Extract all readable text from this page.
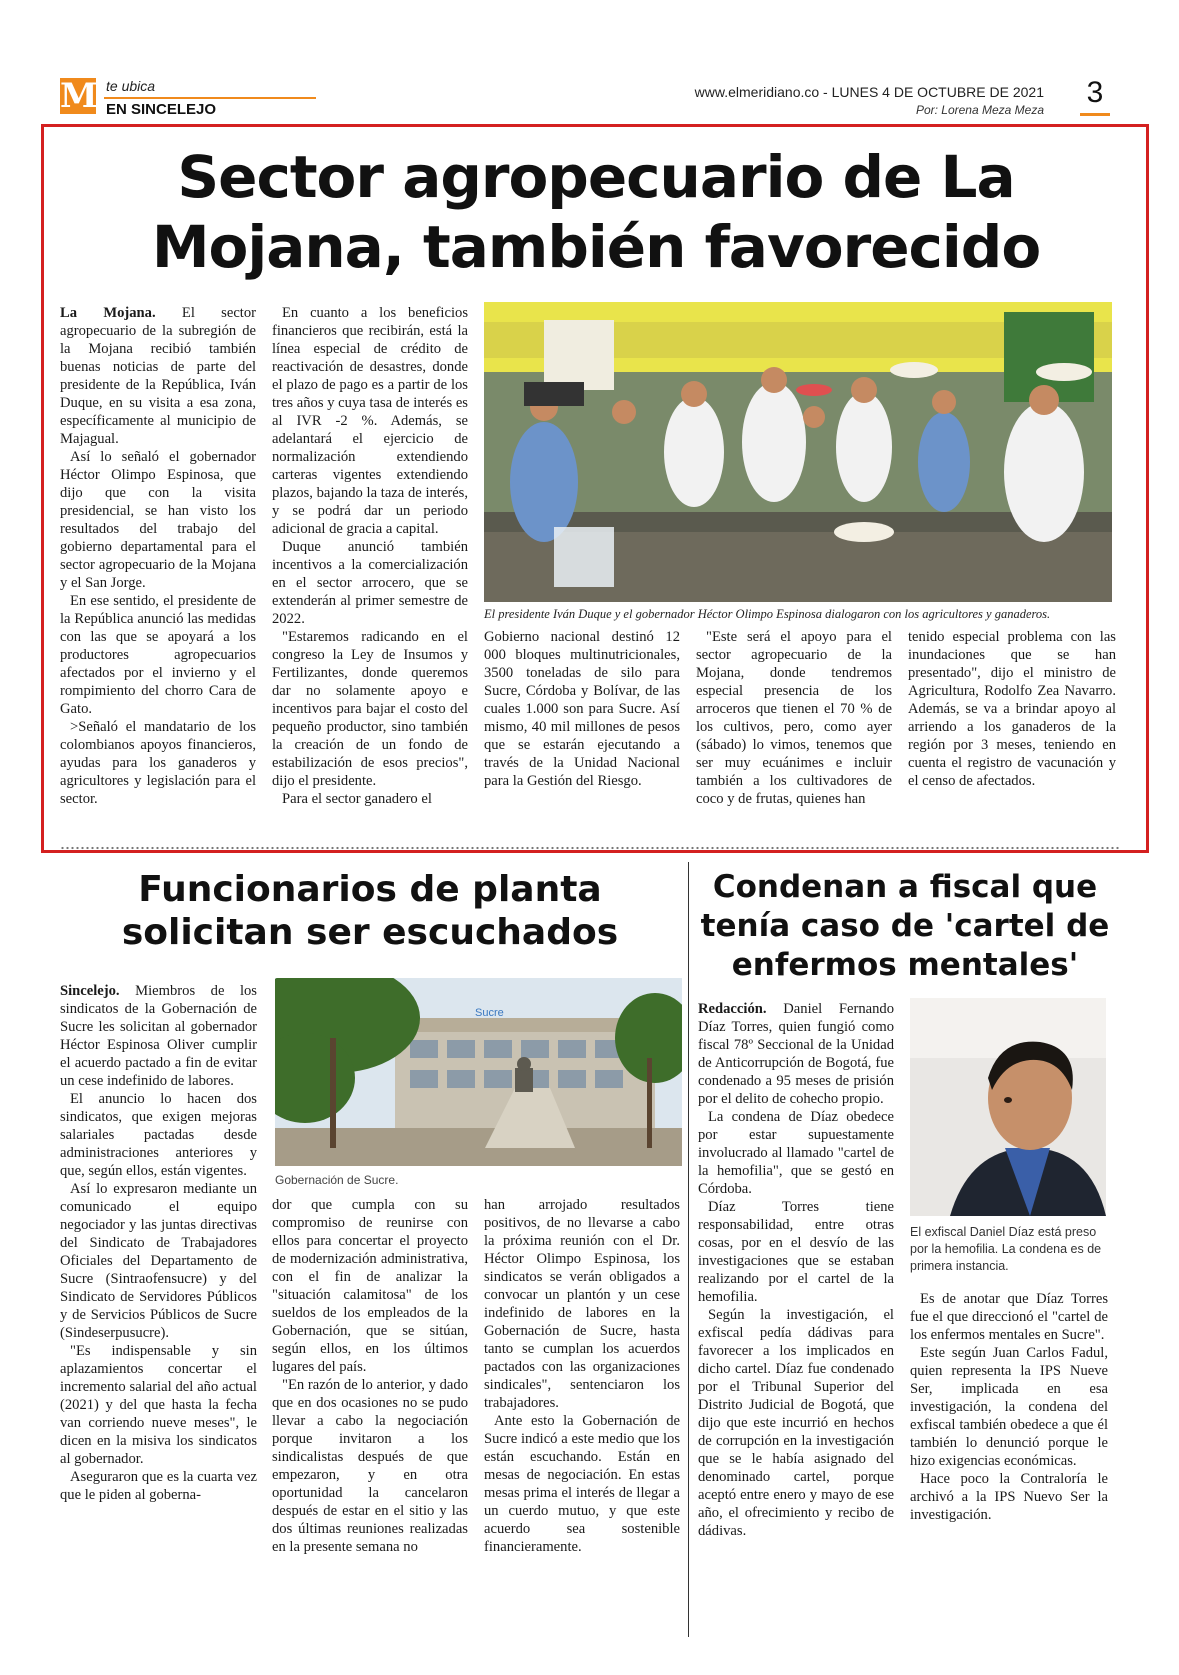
M te ubica
EN SINCELEJO
www.elmeridiano.co - LUNES 4 DE OCTUBRE DE 2021
Por: Lorena Meza Meza
3
Sector agropecuario de La Mojana, también favorecido

La Mojana. El sector agropecuario de la subregión de la Mojana recibió también buenas noticias de parte del presidente de la República, Iván Duque, en su visita a esa zona, específicamente al municipio de Majagual.

Así lo señaló el gobernador Héctor Olimpo Espinosa, que dijo que con la visita presidencial, se han visto los resultados del trabajo del gobierno departamental para el sector agropecuario de la Mojana y el San Jorge.

En ese sentido, el presidente de la República anunció las medidas con las que se apoyará a los productores agropecuarios afectados por el invierno y el rompimiento del chorro Cara de Gato.

>Señaló el mandatario de los colombianos apoyos financieros, ayudas para los ganaderos y agricultores y legislación para el sector.

En cuanto a los beneficios financieros que recibirán, está la línea especial de crédito de reactivación de desastres, donde el plazo de pago es a partir de los tres años y cuya tasa de interés es al IVR -2 %. Además, se adelantará el ejercicio de normalización extendiendo carteras vigentes extendiendo plazos, bajando la taza de interés, y se podrá dar un periodo adicional de gracia a capital.

Duque anunció también incentivos a la comercialización en el sector arrocero, que se extenderán al primer semestre de 2022.

"Estaremos radicando en el congreso la Ley de Insumos y Fertilizantes, donde queremos dar no solamente apoyo e incentivos para bajar el costo del pequeño productor, sino también la creación de un fondo de estabilización de esos precios", dijo el presidente.

Para el sector ganadero el

El presidente Iván Duque y el gobernador Héctor Olimpo Espinosa dialogaron con los agricultores y ganaderos.

Gobierno nacional destinó 12 000 bloques multinutricionales, 3500 toneladas de silo para Sucre, Córdoba y Bolívar, de las cuales 1.000 son para Sucre. Así mismo, 40 mil millones de pesos que se estarán ejecutando a través de la Unidad Nacional para la Gestión del Riesgo.

"Este será el apoyo para el sector agropecuario de la Mojana, donde tendremos especial presencia de los arroceros que tienen el 70 % de los cultivos, pero, como ayer (sábado) lo vimos, tenemos que ser muy ecuánimes e incluir también a los cultivadores de coco y de frutas, quienes han

tenido especial problema con las inundaciones que se han presentado", dijo el ministro de Agricultura, Rodolfo Zea Navarro. Además, se va a brindar apoyo al arriendo a los ganaderos de la región por 3 meses, teniendo en cuenta el registro de vacunación y el censo de afectados.

Funcionarios de planta solicitan ser escuchados

Sincelejo. Miembros de los sindicatos de la Gobernación de Sucre les solicitan al gobernador Héctor Espinosa Oliver cumplir el acuerdo pactado a fin de evitar un cese indefinido de labores.

El anuncio lo hacen dos sindicatos, que exigen mejoras salariales pactadas desde administraciones anteriores y que, según ellos, están vigentes.

Así lo expresaron mediante un comunicado el equipo negociador y las juntas directivas del Sindicato de Trabajadores Oficiales del Departamento de Sucre (Sintraofensucre) y del Sindicato de Servidores Públicos y de Servicios Públicos de Sucre (Sindeserpusucre).

"Es indispensable y sin aplazamientos concertar el incremento salarial del año actual (2021) y del que hasta la fecha van corriendo nueve meses", le dicen en la misiva los sindicatos al gobernador.

Aseguraron que es la cuarta vez que le piden al goberna-

Sucre
Gobernación de Sucre.

dor que cumpla con su compromiso de reunirse con ellos para concertar el proyecto de modernización administrativa, con el fin de analizar la "situación calamitosa" de los sueldos de los empleados de la Gobernación, que se sitúan, según ellos, en los últimos lugares del país.

"En razón de lo anterior, y dado que en dos ocasiones no se pudo llevar a cabo la negociación porque invitaron a los sindicalistas después de que empezaron, y en otra oportunidad la cancelaron después de estar en el sitio y las dos últimas reuniones realizadas en la presente semana no

han arrojado resultados positivos, de no llevarse a cabo la próxima reunión con el Dr. Héctor Olimpo Espinosa, los sindicatos se verán obligados a convocar un plantón y un cese indefinido de labores en la Gobernación de Sucre, hasta tanto se cumplan los acuerdos pactados con las organizaciones sindicales", sentenciaron los trabajadores.

Ante esto la Gobernación de Sucre indicó a este medio que los están escuchando. Están en mesas de negociación. En estas mesas prima el interés de llegar a un cuerdo mutuo, y que este acuerdo sea sostenible financieramente.

Condenan a fiscal que tenía caso de 'cartel de enfermos mentales'

Redacción. Daniel Fernando Díaz Torres, quien fungió como fiscal 78º Seccional de la Unidad de Anticorrupción de Bogotá, fue condenado a 95 meses de prisión por el delito de cohecho propio.

La condena de Díaz obedece por estar supuestamente involucrado al llamado "cartel de la hemofilia", que se gestó en Córdoba.

Díaz Torres tiene responsabilidad, entre otras cosas, por en el desvío de las investigaciones que se estaban realizando por el cartel de la hemofilia.

Según la investigación, el exfiscal pedía dádivas para favorecer a los implicados en dicho cartel. Díaz fue condenado por el Tribunal Superior del Distrito Judicial de Bogotá, que dijo que este incurrió en hechos de corrupción en la investigación que se le había asignado del denominado cartel, porque aceptó entre enero y mayo de ese año, el ofrecimiento y recibo de dádivas.

El exfiscal Daniel Díaz está preso por la hemofilia. La condena es de primera instancia.

Es de anotar que Díaz Torres fue el que direccionó el "cartel de los enfermos mentales en Sucre".

Este según Juan Carlos Fadul, quien representa la IPS Nueve Ser, implicada en esa investigación, la condena del exfiscal también obedece a que él también lo denunció porque le hizo exigencias económicas.

Hace poco la Contraloría le archivó a la IPS Nuevo Ser la investigación.
